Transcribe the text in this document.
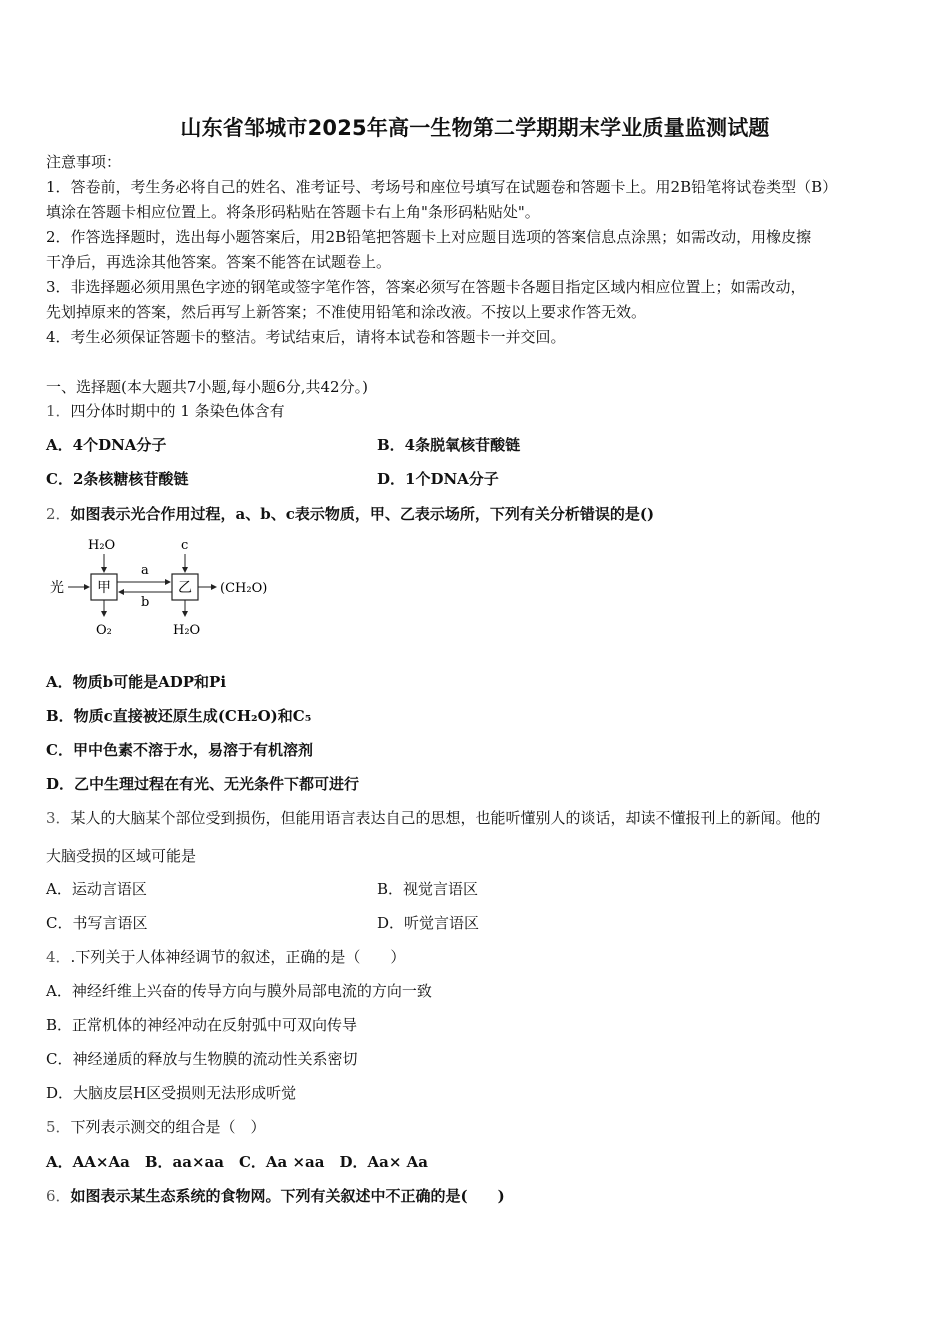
山东省邹城市2025年高一生物第二学期期末学业质量监测试题
注意事项：
1．答卷前，考生务必将自己的姓名、准考证号、考场号和座位号填写在试题卷和答题卡上。用2B铅笔将试卷类型（B）
填涂在答题卡相应位置上。将条形码粘贴在答题卡右上角"条形码粘贴处"。
2．作答选择题时，选出每小题答案后，用2B铅笔把答题卡上对应题目选项的答案信息点涂黑；如需改动，用橡皮擦
干净后，再选涂其他答案。答案不能答在试题卷上。
3．非选择题必须用黑色字迹的钢笔或签字笔作答，答案必须写在答题卡各题目指定区域内相应位置上；如需改动，
先划掉原来的答案，然后再写上新答案；不准使用铅笔和涂改液。不按以上要求作答无效。
4．考生必须保证答题卡的整洁。考试结束后，请将本试卷和答题卡一并交回。
一、选择题(本大题共7小题,每小题6分,共42分。)
1．四分体时期中的 1 条染色体含有
A．4个DNA分子	B．4条脱氧核苷酸链
C．2条核糖核苷酸链	D．1个DNA分子
2．如图表示光合作用过程，a、b、c表示物质，甲、乙表示场所，下列有关分析错误的是()
光 甲
H₂O
O₂
a
b
乙
c
(CH₂O)
H₂O
A．物质b可能是ADP和Pi
B．物质c直接被还原生成(CH₂O)和C₅
C．甲中色素不溶于水，易溶于有机溶剂
D．乙中生理过程在有光、无光条件下都可进行
3．某人的大脑某个部位受到损伤，但能用语言表达自己的思想，也能听懂别人的谈话，却读不懂报刊上的新闻。他的
大脑受损的区域可能是
A．运动言语区	B．视觉言语区
C．书写言语区	D．听觉言语区
4．.下列关于人体神经调节的叙述，正确的是（　　）
A．神经纤维上兴奋的传导方向与膜外局部电流的方向一致
B．正常机体的神经冲动在反射弧中可双向传导
C．神经递质的释放与生物膜的流动性关系密切
D．大脑皮层H区受损则无法形成听觉
5．下列表示测交的组合是（　）
A．AA×Aa　B．aa×aa　C．Aa ×aa　D．Aa× Aa
6．如图表示某生态系统的食物网。下列有关叙述中不正确的是(　　)
